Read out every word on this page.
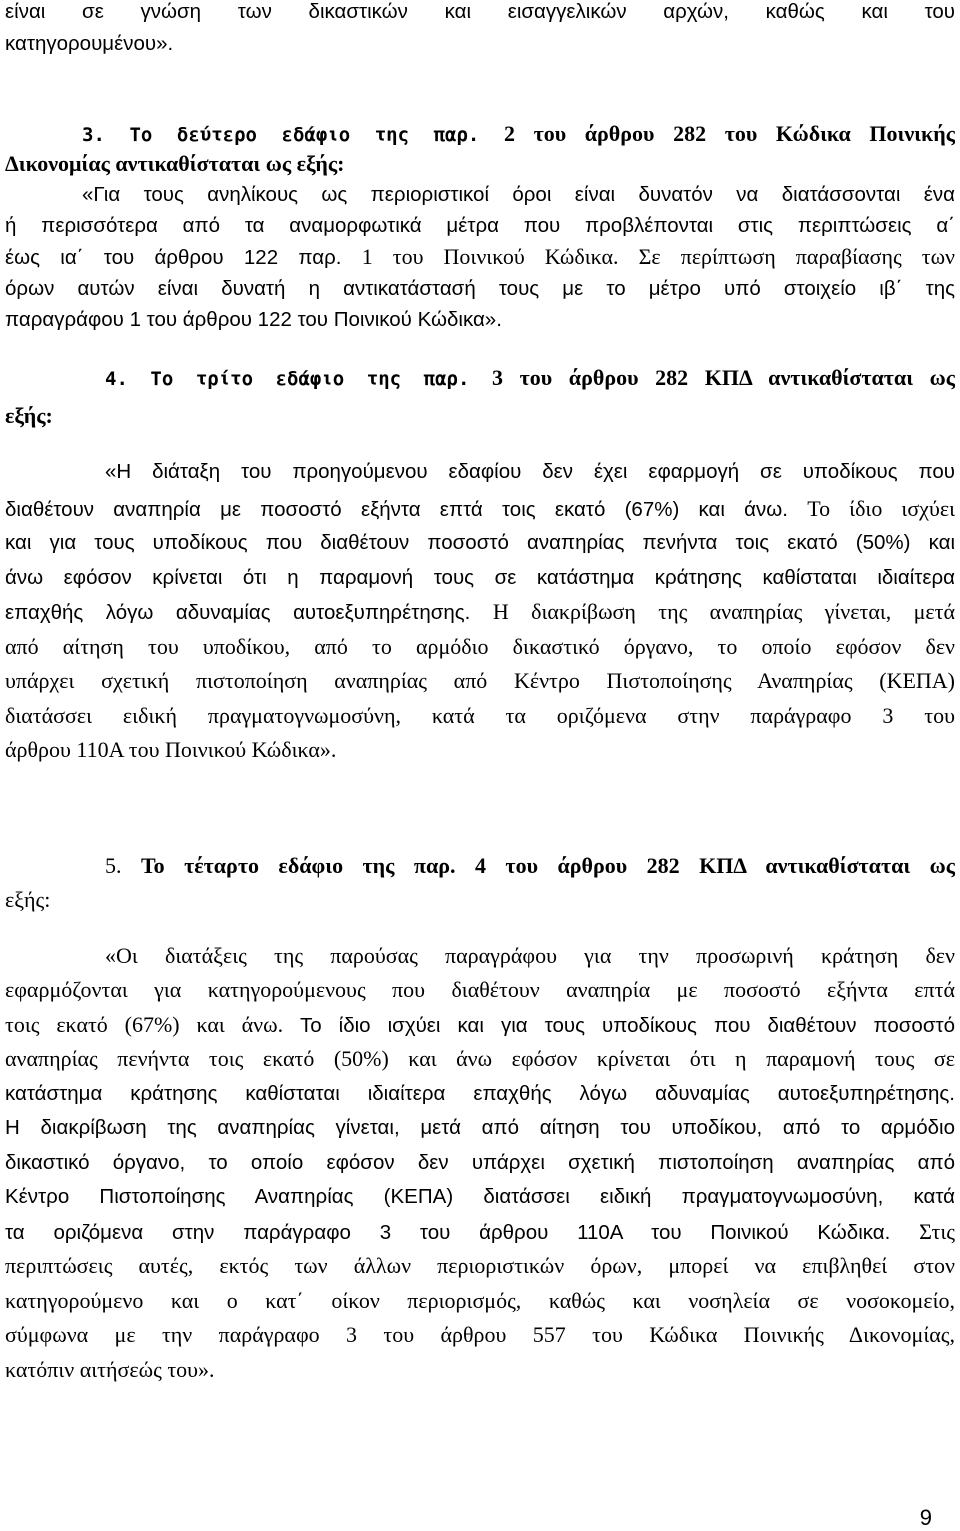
είναι σε γνώση των δικαστικών και εισαγγελικών αρχών, καθώς και του
κατηγορουμένου».
3. Το δεύτερο εδάφιο της παρ. 2 του άρθρου 282 του Κώδικα Ποινικής
Δικονομίας αντικαθίσταται ως εξής:
«Για τους ανηλίκους ως περιοριστικοί όροι είναι δυνατόν να διατάσσονται ένα
ή περισσότερα από τα αναμορφωτικά μέτρα που προβλέπονται στις περιπτώσεις α΄
έως ια΄ του άρθρου 122 παρ. 1 του Ποινικού Κώδικα. Σε περίπτωση παραβίασης των
όρων αυτών είναι δυνατή η αντικατάστασή τους με το μέτρο υπό στοιχείο ιβ΄ της
παραγράφου 1 του άρθρου 122 του Ποινικού Κώδικα».
4. Το τρίτο εδάφιο της παρ. 3 του άρθρου 282 ΚΠΔ αντικαθίσταται ως
εξής:
«Η διάταξη του προηγούμενου εδαφίου δεν έχει εφαρμογή σε υποδίκους που
διαθέτουν αναπηρία με ποσοστό εξήντα επτά τοις εκατό (67%) και άνω. Το ίδιο ισχύει
και για τους υποδίκους που διαθέτουν ποσοστό αναπηρίας πενήντα τοις εκατό (50%) και
άνω εφόσον κρίνεται ότι η παραμονή τους σε κατάστημα κράτησης καθίσταται ιδιαίτερα
επαχθής λόγω αδυναμίας αυτοεξυπηρέτησης. Η διακρίβωση της αναπηρίας γίνεται, μετά
από αίτηση του υποδίκου, από το αρμόδιο δικαστικό όργανο, το οποίο εφόσον δεν
υπάρχει σχετική πιστοποίηση αναπηρίας από Κέντρο Πιστοποίησης Αναπηρίας (ΚΕΠΑ)
διατάσσει ειδική πραγματογνωμοσύνη, κατά τα οριζόμενα στην παράγραφο 3 του
άρθρου 110Α του Ποινικού Κώδικα».
5. Το τέταρτο εδάφιο της παρ. 4 του άρθρου 282 ΚΠΔ αντικαθίσταται ως
εξής:
«Οι διατάξεις της παρούσας παραγράφου για την προσωρινή κράτηση δεν
εφαρμόζονται για κατηγορούμενους που διαθέτουν αναπηρία με ποσοστό εξήντα επτά
τοις εκατό (67%) και άνω. Το ίδιο ισχύει και για τους υποδίκους που διαθέτουν ποσοστό
αναπηρίας πενήντα τοις εκατό (50%) και άνω εφόσον κρίνεται ότι η παραμονή τους σε
κατάστημα κράτησης καθίσταται ιδιαίτερα επαχθής λόγω αδυναμίας αυτοεξυπηρέτησης.
Η διακρίβωση της αναπηρίας γίνεται, μετά από αίτηση του υποδίκου, από το αρμόδιο
δικαστικό όργανο, το οποίο εφόσον δεν υπάρχει σχετική πιστοποίηση αναπηρίας από
Κέντρο Πιστοποίησης Αναπηρίας (ΚΕΠΑ) διατάσσει ειδική πραγματογνωμοσύνη, κατά
τα οριζόμενα στην παράγραφο 3 του άρθρου 110Α του Ποινικού Κώδικα. Στις
περιπτώσεις αυτές, εκτός των άλλων περιοριστικών όρων, μπορεί να επιβληθεί στον
κατηγορούμενο και ο κατ΄ οίκον περιορισμός, καθώς και νοσηλεία σε νοσοκομείο,
σύμφωνα με την παράγραφο 3 του άρθρου 557 του Κώδικα Ποινικής Δικονομίας,
κατόπιν αιτήσεώς του».
9
